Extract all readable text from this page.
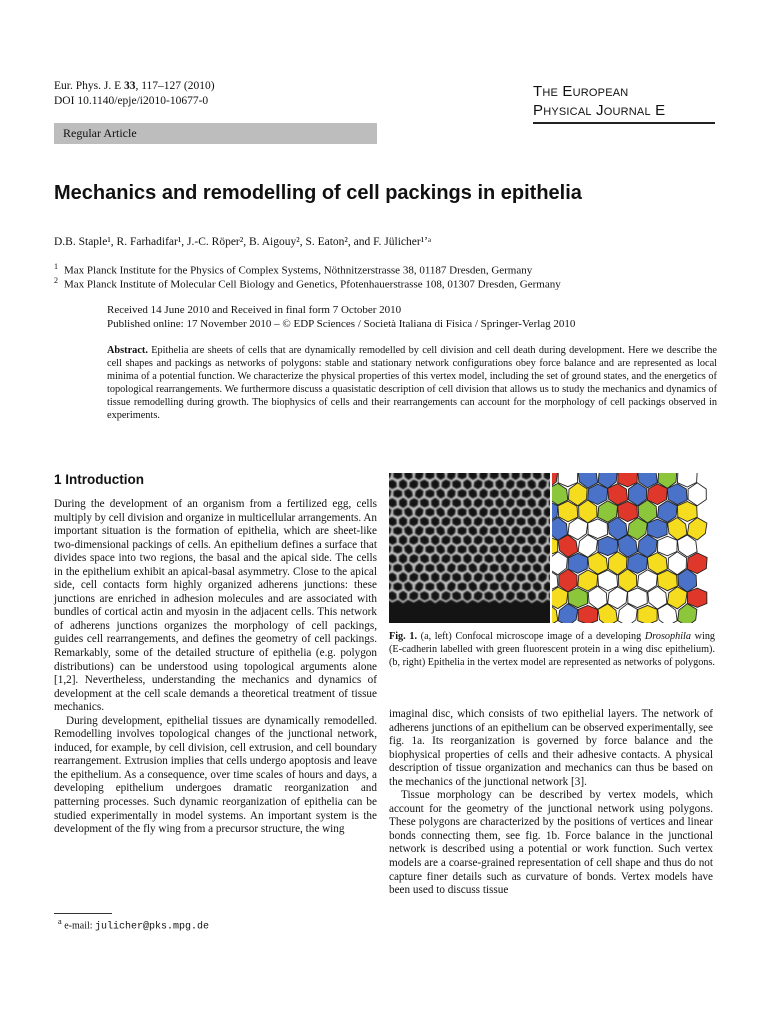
Eur. Phys. J. E 33, 117–127 (2010)
DOI 10.1140/epje/i2010-10677-0
The European
Physical Journal E
Regular Article
Mechanics and remodelling of cell packings in epithelia
D.B. Staple¹, R. Farhadifar¹, J.-C. Röper², B. Aigouy², S. Eaton², and F. Jülicher¹ʼᵃ
$^1$ Max Planck Institute for the Physics of Complex Systems, Nöthnitzerstrasse 38, 01187 Dresden, Germany
$^2$ Max Planck Institute of Molecular Cell Biology and Genetics, Pfotenhauerstrasse 108, 01307 Dresden, Germany
Received 14 June 2010 and Received in final form 7 October 2010
Published online: 17 November 2010 – © EDP Sciences / Società Italiana di Fisica / Springer-Verlag 2010
Abstract. Epithelia are sheets of cells that are dynamically remodelled by cell division and cell death during development. Here we describe the cell shapes and packings as networks of polygons: stable and stationary network configurations obey force balance and are represented as local minima of a potential function. We characterize the physical properties of this vertex model, including the set of ground states, and the energetics of topological rearrangements. We furthermore discuss a quasistatic description of cell division that allows us to study the mechanics and dynamics of tissue remodelling during growth. The biophysics of cells and their rearrangements can account for the morphology of cell packings observed in experiments.
1 Introduction

During the development of an organism from a fertilized egg, cells multiply by cell division and organize in multicellular arrangements. An important situation is the formation of epithelia, which are sheet-like two-dimensional packings of cells. An epithelium defines a surface that divides space into two regions, the basal and the apical side. The cells in the epithelium exhibit an apical-basal asymmetry. Close to the apical side, cell contacts form highly organized adherens junctions: these junctions are enriched in adhesion molecules and are associated with bundles of cortical actin and myosin in the adjacent cells. This network of adherens junctions organizes the morphology of cell packings, guides cell rearrangements, and defines the geometry of cell packings. Remarkably, some of the detailed structure of epithelia (e.g. polygon distributions) can be understood using topological arguments alone [1,2]. Nevertheless, understanding the mechanics and dynamics of development at the cell scale demands a theoretical treatment of tissue mechanics.

During development, epithelial tissues are dynamically remodelled. Remodelling involves topological changes of the junctional network, induced, for example, by cell division, cell extrusion, and cell boundary rearrangement. Extrusion implies that cells undergo apoptosis and leave the epithelium. As a consequence, over time scales of hours and days, a developing epithelium undergoes dramatic reorganization and patterning processes. Such dynamic reorganization of epithelia can be studied experimentally in model systems. An important system is the development of the fly wing from a precursor structure, the wing

Fig. 1. (a, left) Confocal microscope image of a developing Drosophila wing (E-cadherin labelled with green fluorescent protein in a wing disc epithelium). (b, right) Epithelia in the vertex model are represented as networks of polygons.

imaginal disc, which consists of two epithelial layers. The network of adherens junctions of an epithelium can be observed experimentally, see fig. 1a. Its reorganization is governed by force balance and the biophysical properties of cells and their adhesive contacts. A physical description of tissue organization and mechanics can thus be based on the mechanics of the junctional network [3].

Tissue morphology can be described by vertex models, which account for the geometry of the junctional network using polygons. These polygons are characterized by the positions of vertices and linear bonds connecting them, see fig. 1b. Force balance in the junctional network is described using a potential or work function. Such vertex models are a coarse-grained representation of cell shape and thus do not capture finer details such as curvature of bonds. Vertex models have been used to discuss tissue

$^a$ e-mail: julicher@pks.mpg.de
